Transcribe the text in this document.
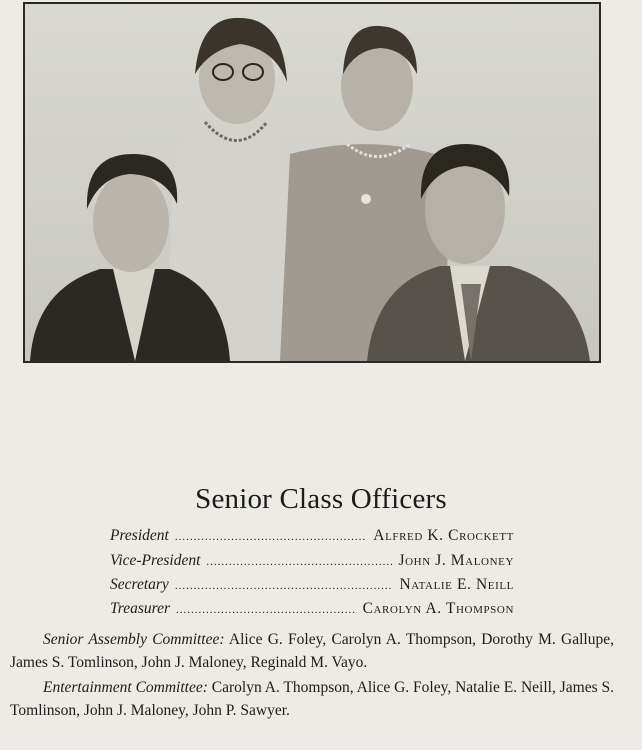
Senior Class Officers
President .....	Alfred K. Crockett
Vice-President .....	John J. Maloney
Secretary .....	Natalie E. Neill
Treasurer .....	Carolyn A. Thompson
Senior Assembly Committee: Alice G. Foley, Carolyn A. Thompson, Dorothy M. Gallupe, James S. Tomlinson, John J. Maloney, Reginald M. Vayo.
Entertainment Committee: Carolyn A. Thompson, Alice G. Foley, Natalie E. Neill, James S. Tomlinson, John J. Maloney, John P. Sawyer.
